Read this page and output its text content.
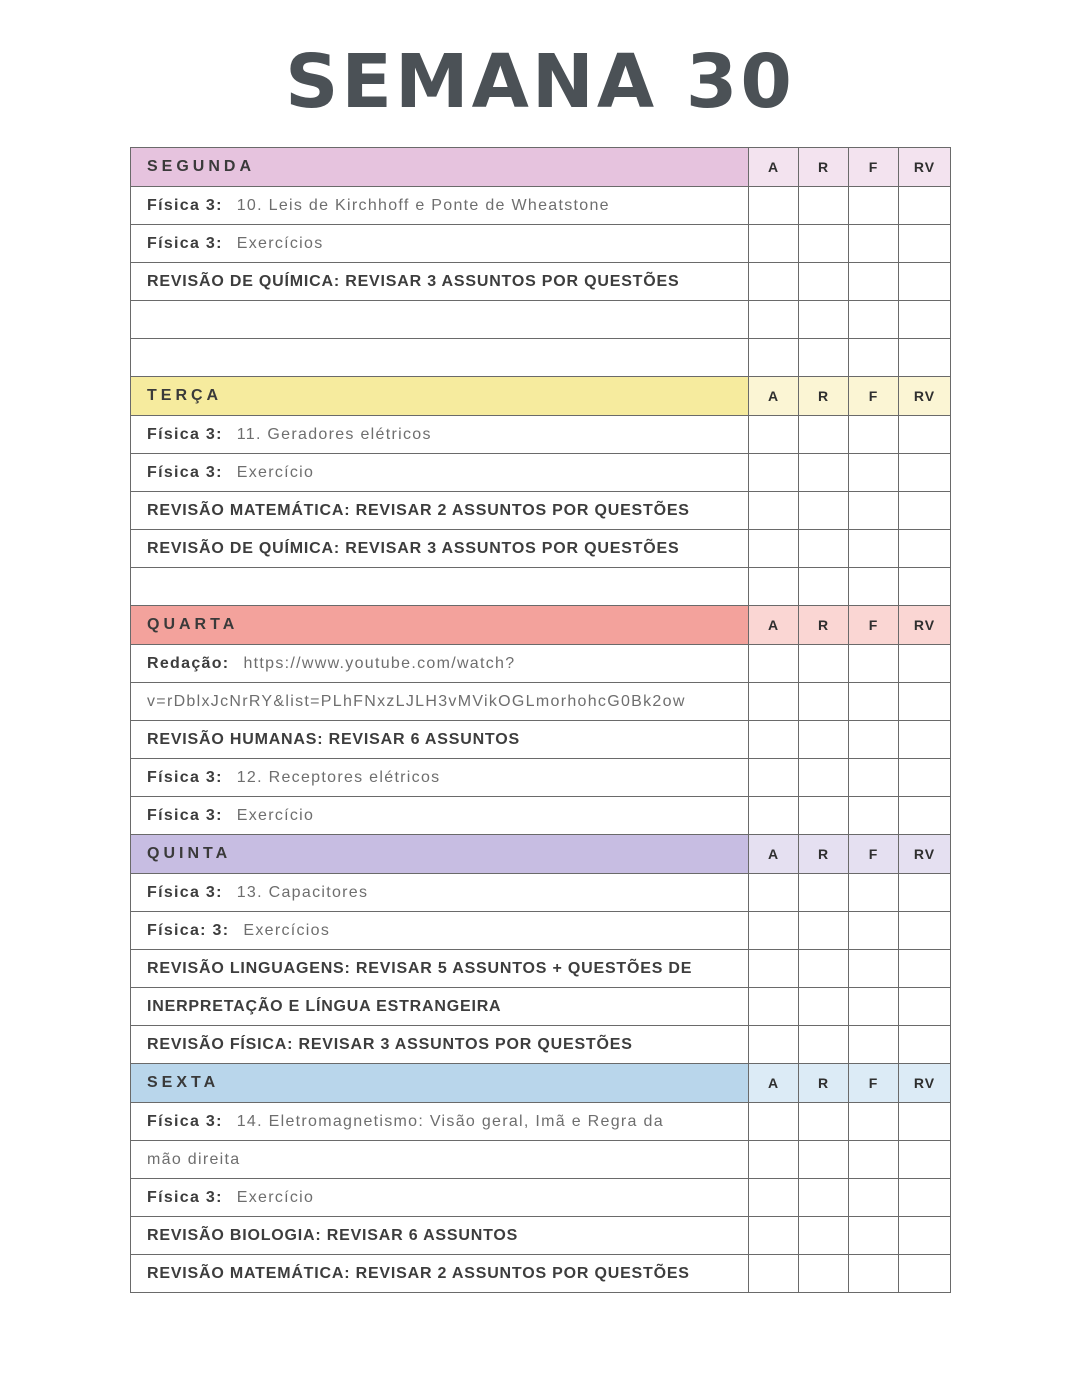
SEMANA 30
SEGUNDA	A	R	F	RV
Física 3: 10. Leis de Kirchhoff e Ponte de Wheatstone				
Física 3: Exercícios				
REVISÃO DE QUÍMICA: REVISAR 3 ASSUNTOS POR QUESTÕES				

TERÇA	A	R	F	RV
Física 3: 11. Geradores elétricos				
Física 3: Exercício				
REVISÃO MATEMÁTICA: REVISAR 2 ASSUNTOS POR QUESTÕES				
REVISÃO DE QUÍMICA: REVISAR 3 ASSUNTOS POR QUESTÕES				

QUARTA	A	R	F	RV
Redação: https://www.youtube.com/watch?				
v=rDblxJcNrRY&list=PLhFNxzLJLH3vMVikOGLmorhohcG0Bk2ow				
REVISÃO HUMANAS: REVISAR 6 ASSUNTOS				
Física 3: 12. Receptores elétricos				
Física 3: Exercício				
QUINTA	A	R	F	RV
Física 3: 13. Capacitores				
Física: 3: Exercícios				
REVISÃO LINGUAGENS: REVISAR 5 ASSUNTOS + QUESTÕES DE				
INERPRETAÇÃO E LÍNGUA ESTRANGEIRA				
REVISÃO FÍSICA: REVISAR 3 ASSUNTOS POR QUESTÕES				
SEXTA	A	R	F	RV
Física 3: 14. Eletromagnetismo: Visão geral, Imã e Regra da				
mão direita				
Física 3: Exercício				
REVISÃO BIOLOGIA: REVISAR 6 ASSUNTOS				
REVISÃO MATEMÁTICA: REVISAR 2 ASSUNTOS POR QUESTÕES				
